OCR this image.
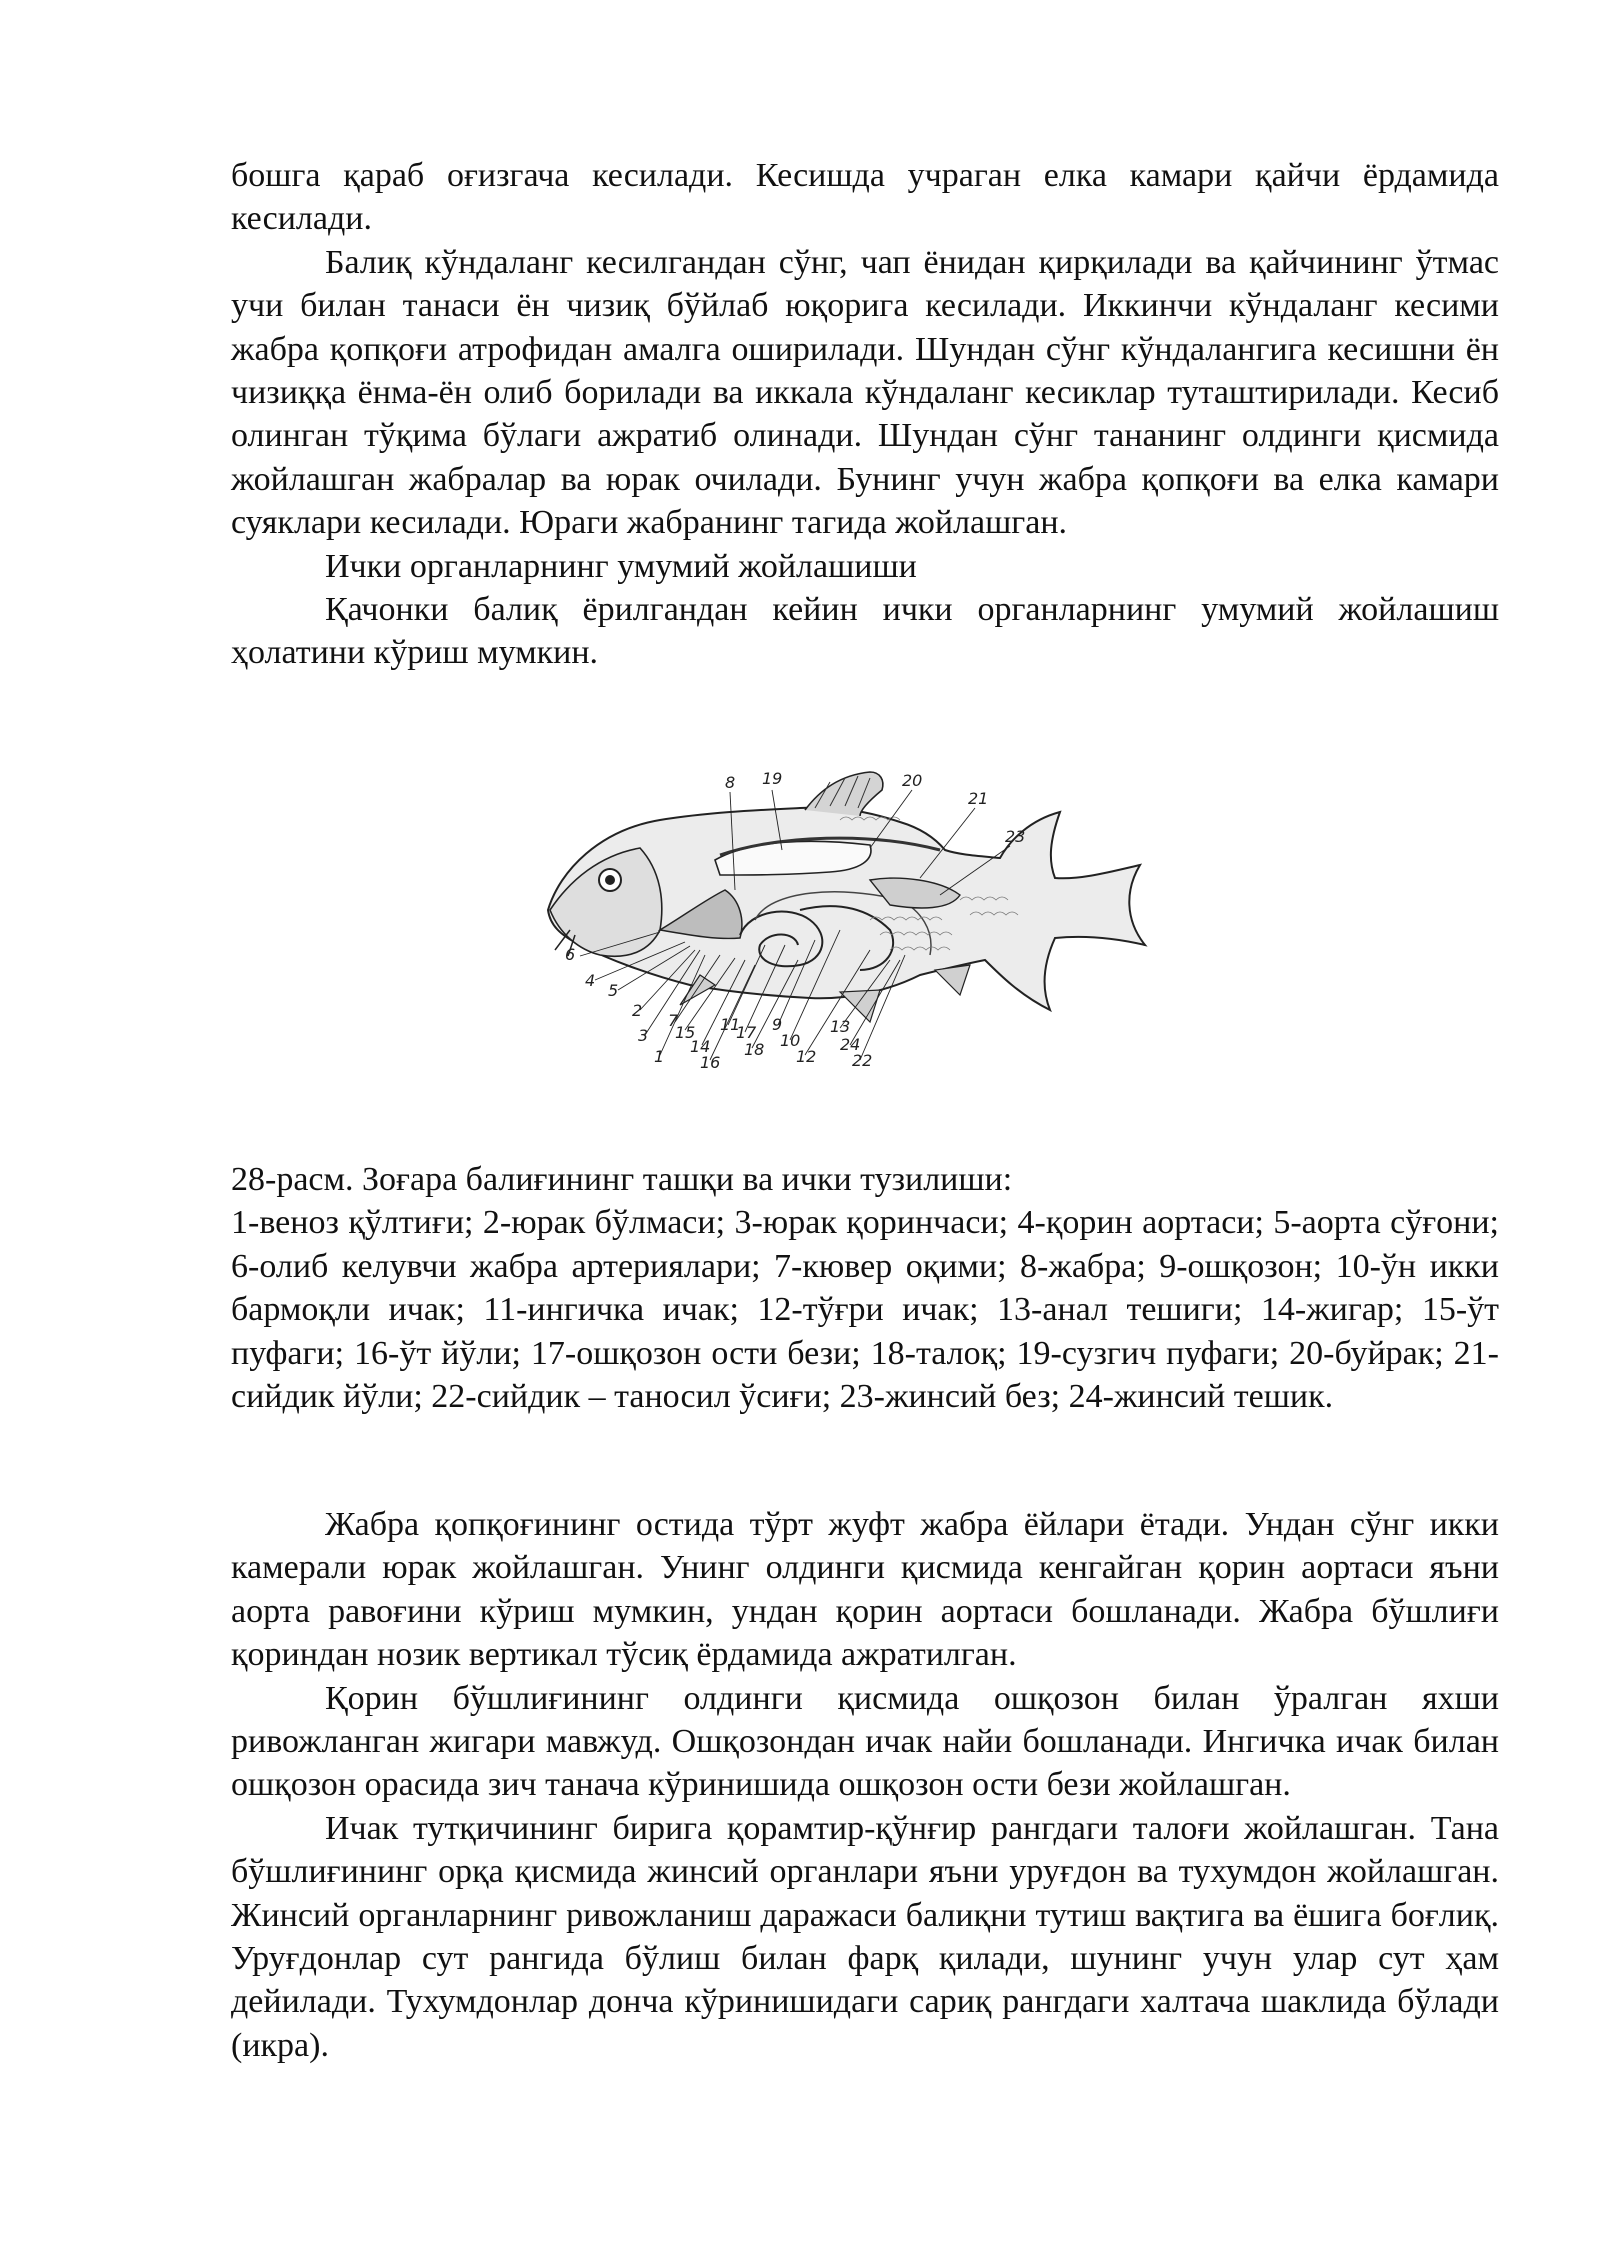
бошга қараб оғизгача кесилади. Кесишда учраган елка камари қайчи ёрдамида кесилади.

Балиқ кўндаланг кесилгандан сўнг, чап ёнидан қирқилади ва қайчининг ўтмас учи билан танаси ён чизиқ бўйлаб юқорига кесилади. Иккинчи кўндаланг кесими жабра қопқоғи атрофидан амалга оширилади. Шундан сўнг кўндалангига кесишни ён чизиққа ёнма-ён олиб борилади ва иккала кўндаланг кесиклар туташтирилади. Кесиб олинган тўқима бўлаги ажратиб олинади. Шундан сўнг тананинг олдинги қисмида жойлашган жабралар ва юрак очилади. Бунинг учун жабра қопқоғи ва елка камари суяклари кесилади. Юраги жабранинг тагида жойлашган.

Ички органларнинг умумий жойлашиши

Қачонки балиқ ёрилгандан кейин ички органларнинг умумий жойлашиш ҳолатини кўриш мумкин.

8 19	20
21
23
6
4
5
2
3
1
7
15
14
16
11
17
18
9
10
12
13
24
22

28-расм. Зоғара балиғининг ташқи ва ички тузилиши:

1-веноз қўлтиғи; 2-юрак бўлмаси; 3-юрак қоринчаси; 4-қорин аортаси; 5-аорта сўғони; 6-олиб келувчи жабра артериялари; 7-кювер оқими; 8-жабра; 9-ошқозон; 10-ўн икки бармоқли ичак; 11-ингичка ичак; 12-тўғри ичак; 13-анал тешиги; 14-жигар; 15-ўт пуфаги; 16-ўт йўли; 17-ошқозон ости бези; 18-талоқ; 19-сузгич пуфаги; 20-буйрак; 21-сийдик йўли; 22-сийдик – таносил ўсиғи; 23-жинсий без; 24-жинсий тешик.

Жабра қопқоғининг остида тўрт жуфт жабра ёйлари ётади. Ундан сўнг икки камерали юрак жойлашган. Унинг олдинги қисмида кенгайган қорин аортаси яъни аорта равоғини кўриш мумкин, ундан қорин аортаси бошланади. Жабра бўшлиғи қориндан нозик вертикал тўсиқ ёрдамида ажратилган.

Қорин бўшлиғининг олдинги қисмида ошқозон билан ўралган яхши ривожланган жигари мавжуд. Ошқозондан ичак найи бошланади. Ингичка ичак билан ошқозон орасида зич танача кўринишида ошқозон ости бези жойлашган.

Ичак тутқичининг бирига қорамтир-қўнғир рангдаги талоғи жойлашган. Тана бўшлиғининг орқа қисмида жинсий органлари яъни уруғдон ва тухумдон жойлашган. Жинсий органларнинг ривожланиш даражаси балиқни тутиш вақтига ва ёшига боғлиқ. Уруғдонлар сут рангида бўлиш билан фарқ қилади, шунинг учун улар сут ҳам дейилади. Тухумдонлар дончa кўринишидаги сариқ рангдаги халтача шаклида бўлади (икра).
